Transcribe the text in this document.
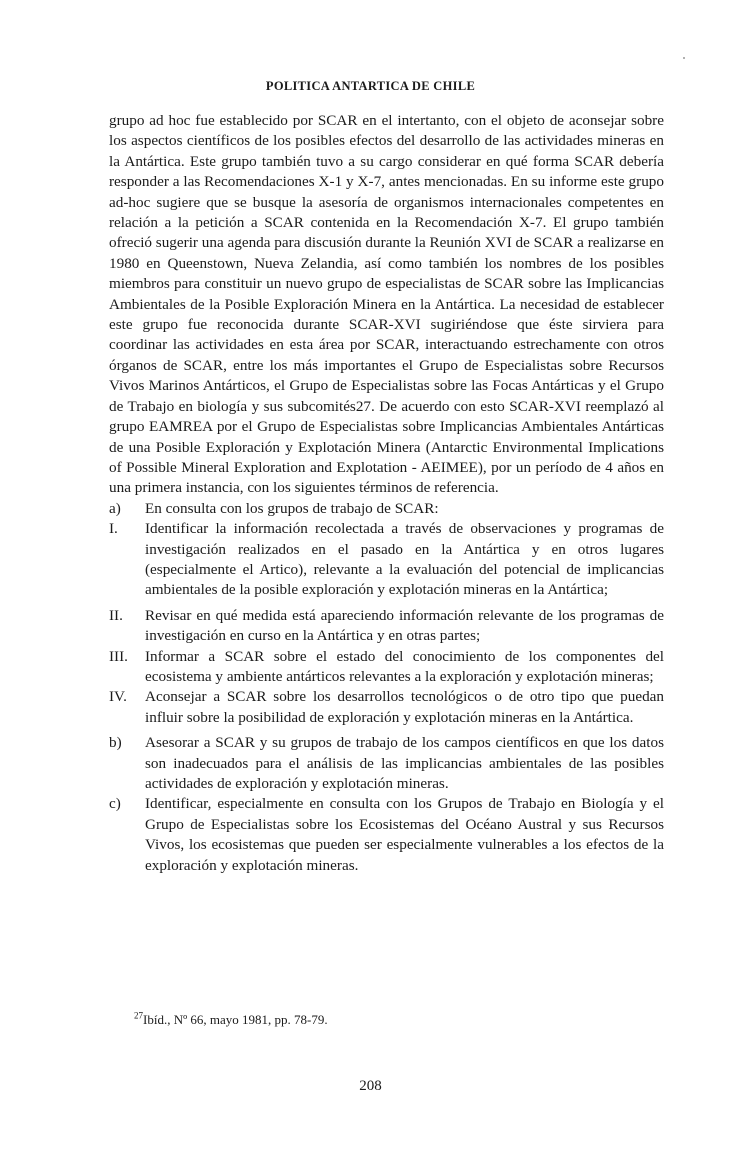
POLITICA ANTARTICA DE CHILE

grupo ad hoc fue establecido por SCAR en el intertanto, con el objeto de aconsejar sobre los aspectos científicos de los posibles efectos del desarrollo de las actividades mineras en la Antártica. Este grupo también tuvo a su cargo considerar en qué forma SCAR debería responder a las Recomendaciones X-1 y X-7, antes mencionadas. En su informe este grupo ad-hoc sugiere que se busque la asesoría de organismos internacionales competentes en relación a la petición a SCAR contenida en la Recomendación X-7. El grupo también ofreció sugerir una agenda para discusión durante la Reunión XVI de SCAR a realizarse en 1980 en Queenstown, Nueva Zelandia, así como también los nombres de los posibles miembros para constituir un nuevo grupo de especialistas de SCAR sobre las Implicancias Ambientales de la Posible Exploración Minera en la Antártica. La necesidad de establecer este grupo fue reconocida durante SCAR-XVI sugiriéndose que éste sirviera para coordinar las actividades en esta área por SCAR, interactuando estrechamente con otros órganos de SCAR, entre los más importantes el Grupo de Especialistas sobre Recursos Vivos Marinos Antárticos, el Grupo de Especialistas sobre las Focas Antárticas y el Grupo de Trabajo en biología y sus subcomités27. De acuerdo con esto SCAR-XVI reemplazó al grupo EAMREA por el Grupo de Especialistas sobre Implicancias Ambientales Antárticas de una Posible Exploración y Explotación Minera (Antarctic Environmental Implications of Possible Mineral Exploration and Explotation - AEIMEE), por un período de 4 años en una primera instancia, con los siguientes términos de referencia.

a) En consulta con los grupos de trabajo de SCAR:
I. Identificar la información recolectada a través de observaciones y programas de investigación realizados en el pasado en la Antártica y en otros lugares (especialmente el Artico), relevante a la evaluación del potencial de implicancias ambientales de la posible exploración y explotación mineras en la Antártica;
II. Revisar en qué medida está apareciendo información relevante de los programas de investigación en curso en la Antártica y en otras partes;
III. Informar a SCAR sobre el estado del conocimiento de los componentes del ecosistema y ambiente antárticos relevantes a la exploración y explotación mineras;
IV. Aconsejar a SCAR sobre los desarrollos tecnológicos o de otro tipo que puedan influir sobre la posibilidad de exploración y explotación mineras en la Antártica.
b) Asesorar a SCAR y su grupos de trabajo de los campos científicos en que los datos son inadecuados para el análisis de las implicancias ambientales de las posibles actividades de exploración y explotación mineras.
c) Identificar, especialmente en consulta con los Grupos de Trabajo en Biología y el Grupo de Especialistas sobre los Ecosistemas del Océano Austral y sus Recursos Vivos, los ecosistemas que pueden ser especialmente vulnerables a los efectos de la exploración y explotación mineras.
$^{27}$Ibíd., Nº 66, mayo 1981, pp. 78-79.
208
